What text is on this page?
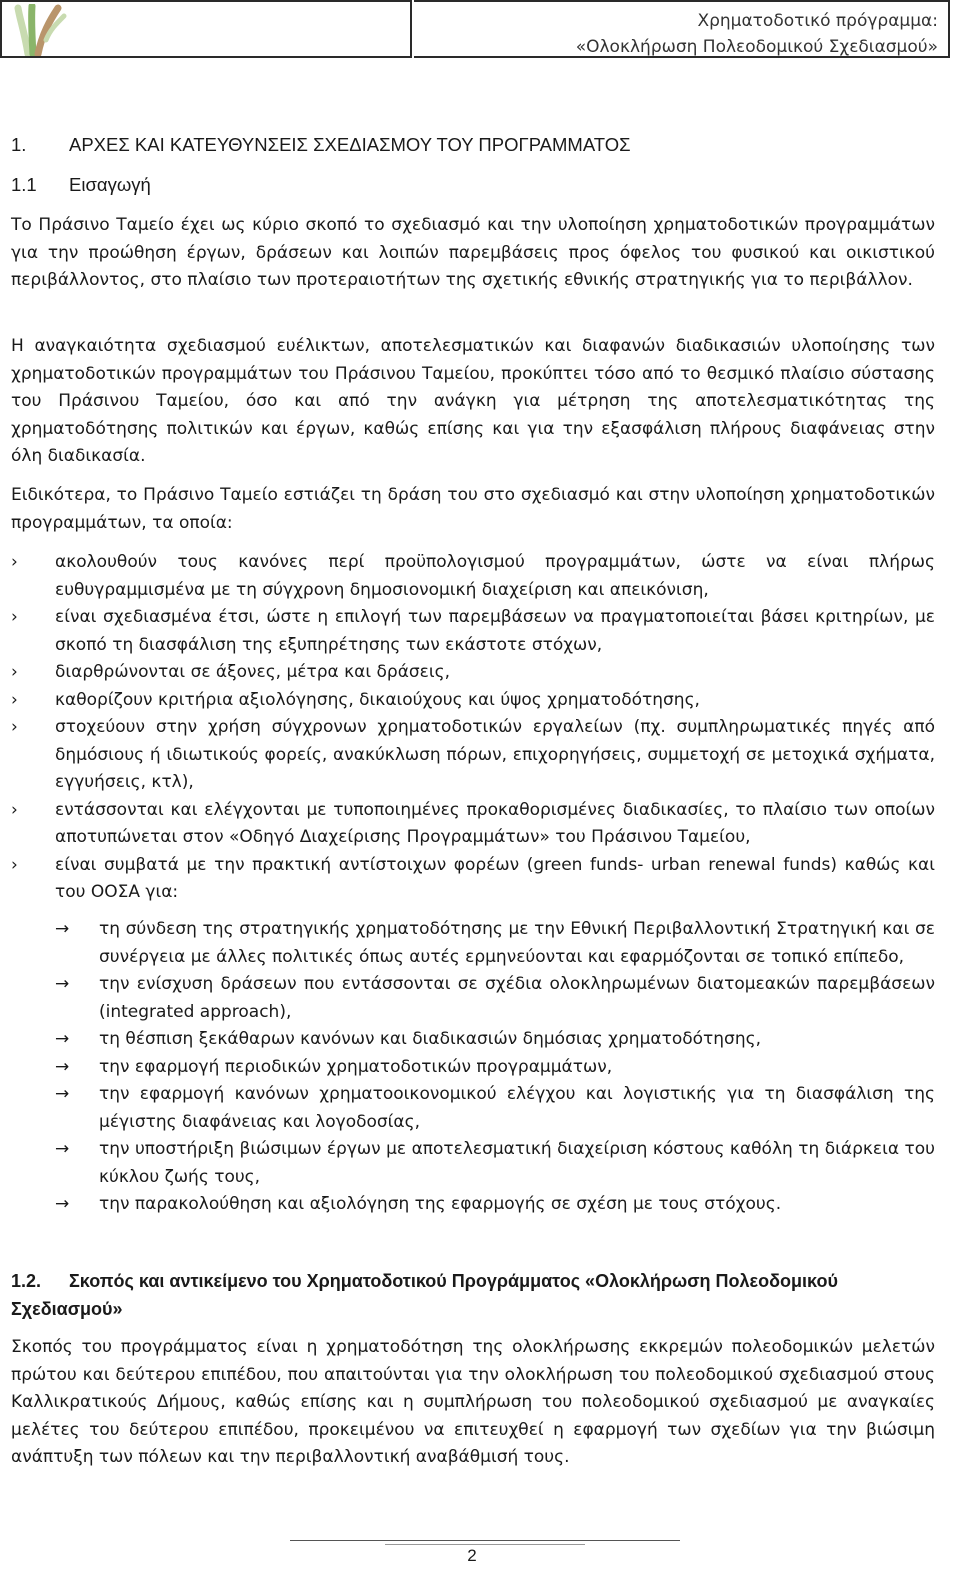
Χρηματοδοτικό πρόγραμμα:
«Ολοκλήρωση Πολεοδομικού Σχεδιασμού»
1. ΑΡΧΕΣ ΚΑΙ ΚΑΤΕΥΘΥΝΣΕΙΣ ΣΧΕΔΙΑΣΜΟΥ ΤΟΥ ΠΡΟΓΡΑΜΜΑΤΟΣ
1.1 Εισαγωγή

Το Πράσινο Ταμείο έχει ως κύριο σκοπό το σχεδιασμό και την υλοποίηση χρηματοδοτικών προγραμμάτων για την προώθηση έργων, δράσεων και λοιπών παρεμβάσεις προς όφελος του φυσικού και οικιστικού περιβάλλοντος, στο πλαίσιο των προτεραιοτήτων της σχετικής εθνικής στρατηγικής για το περιβάλλον.

Η αναγκαιότητα σχεδιασμού ευέλικτων, αποτελεσματικών και διαφανών διαδικασιών υλοποίησης των χρηματοδοτικών προγραμμάτων του Πράσινου Ταμείου, προκύπτει τόσο από το θεσμικό πλαίσιο σύστασης του Πράσινου Ταμείου, όσο και από την ανάγκη για μέτρηση της αποτελεσματικότητας της χρηματοδότησης πολιτικών και έργων, καθώς επίσης και για την εξασφάλιση πλήρους διαφάνειας στην όλη διαδικασία.

Ειδικότερα, το Πράσινο Ταμείο εστιάζει τη δράση του στο σχεδιασμό και στην υλοποίηση χρηματοδοτικών προγραμμάτων, τα οποία:

› ακολουθούν τους κανόνες περί προϋπολογισμού προγραμμάτων, ώστε να είναι πλήρως ευθυγραμμισμένα με τη σύγχρονη δημοσιονομική διαχείριση και απεικόνιση,
› είναι σχεδιασμένα έτσι, ώστε η επιλογή των παρεμβάσεων να πραγματοποιείται βάσει κριτηρίων, με σκοπό τη διασφάλιση της εξυπηρέτησης των εκάστοτε στόχων,
› διαρθρώνονται σε άξονες, μέτρα και δράσεις,
› καθορίζουν κριτήρια αξιολόγησης, δικαιούχους και ύψος χρηματοδότησης,
› στοχεύουν στην χρήση σύγχρονων χρηματοδοτικών εργαλείων (πχ. συμπληρωματικές πηγές από δημόσιους ή ιδιωτικούς φορείς, ανακύκλωση πόρων, επιχορηγήσεις, συμμετοχή σε μετοχικά σχήματα, εγγυήσεις, κτλ),
› εντάσσονται και ελέγχονται με τυποποιημένες προκαθορισμένες διαδικασίες, το πλαίσιο των οποίων αποτυπώνεται στον «Οδηγό Διαχείρισης Προγραμμάτων» του Πράσινου Ταμείου,
› είναι συμβατά με την πρακτική αντίστοιχων φορέων (green funds- urban renewal funds) καθώς και του ΟΟΣΑ για:
→ τη σύνδεση της στρατηγικής χρηματοδότησης με την Εθνική Περιβαλλοντική Στρατηγική και σε συνέργεια με άλλες πολιτικές όπως αυτές ερμηνεύονται και εφαρμόζονται σε τοπικό επίπεδο,
→ την ενίσχυση δράσεων που εντάσσονται σε σχέδια ολοκληρωμένων διατομεακών παρεμβάσεων (integrated approach),
→ τη θέσπιση ξεκάθαρων κανόνων και διαδικασιών δημόσιας χρηματοδότησης,
→ την εφαρμογή περιοδικών χρηματοδοτικών προγραμμάτων,
→ την εφαρμογή κανόνων χρηματοοικονομικού ελέγχου και λογιστικής για τη διασφάλιση της μέγιστης διαφάνειας και λογοδοσίας,
→ την υποστήριξη βιώσιμων έργων με αποτελεσματική διαχείριση κόστους καθόλη τη διάρκεια του κύκλου ζωής τους,
→ την παρακολούθηση και αξιολόγηση της εφαρμογής σε σχέση με τους στόχους.
1.2. Σκοπός και αντικείμενο του Χρηματοδοτικού Προγράμματος «Ολοκλήρωση Πολεοδομικού Σχεδιασμού»

Σκοπός του προγράμματος είναι η χρηματοδότηση της ολοκλήρωσης εκκρεμών πολεοδομικών μελετών πρώτου και δεύτερου επιπέδου, που απαιτούνται για την ολοκλήρωση του πολεοδομικού σχεδιασμού στους Καλλικρατικούς Δήμους, καθώς επίσης και η συμπλήρωση του πολεοδομικού σχεδιασμού με αναγκαίες μελέτες του δεύτερου επιπέδου, προκειμένου να επιτευχθεί η εφαρμογή των σχεδίων για την βιώσιμη ανάπτυξη των πόλεων και την περιβαλλοντική αναβάθμισή τους.

2
